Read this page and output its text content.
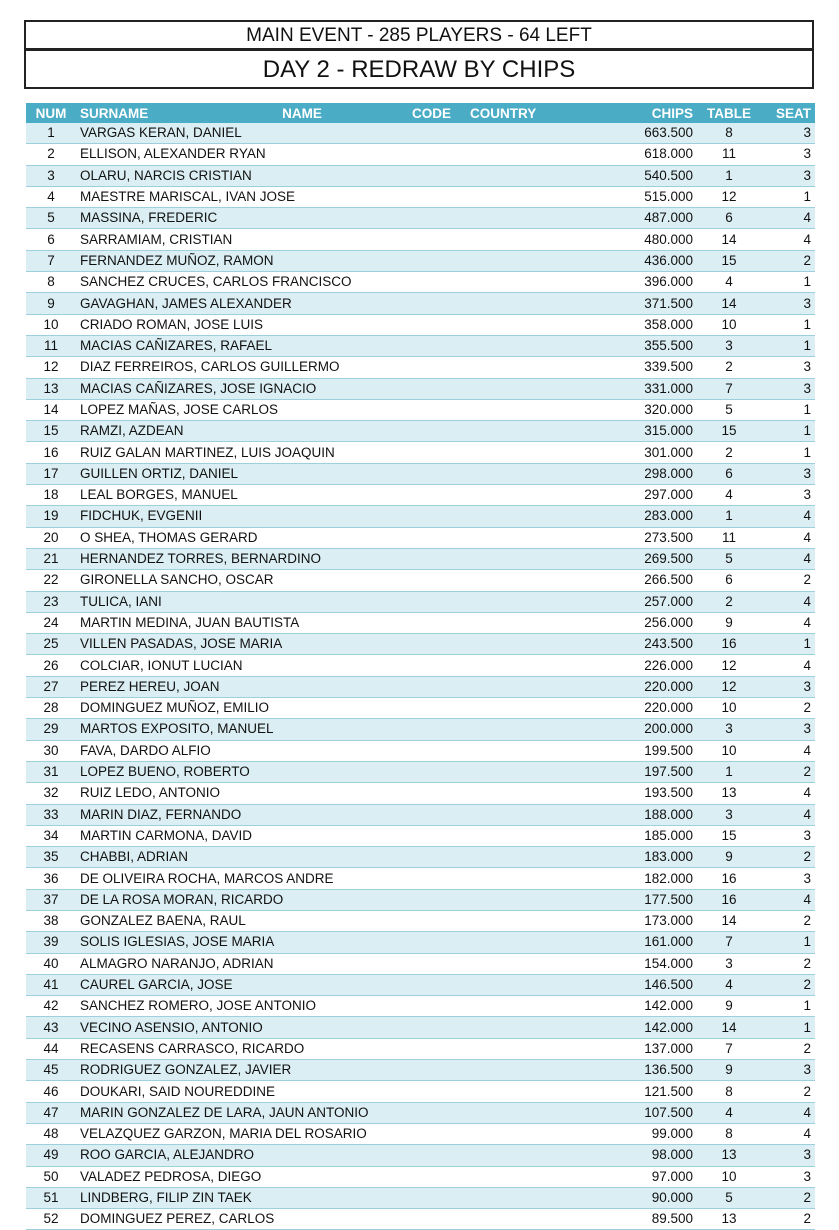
MAIN EVENT - 285 PLAYERS - 64 LEFT
DAY 2 - REDRAW BY CHIPS
NUM	SURNAME	NAME	CODE	COUNTRY	CHIPS	TABLE	SEAT
1	VARGAS KERAN, DANIEL				663.500	8	3
2	ELLISON, ALEXANDER RYAN				618.000	11	3
3	OLARU, NARCIS CRISTIAN				540.500	1	3
4	MAESTRE MARISCAL, IVAN JOSE				515.000	12	1
5	MASSINA, FREDERIC				487.000	6	4
6	SARRAMIAM, CRISTIAN				480.000	14	4
7	FERNANDEZ MUÑOZ, RAMON				436.000	15	2
8	SANCHEZ CRUCES, CARLOS FRANCISCO				396.000	4	1
9	GAVAGHAN, JAMES ALEXANDER				371.500	14	3
10	CRIADO ROMAN, JOSE LUIS				358.000	10	1
11	MACIAS CAÑIZARES, RAFAEL				355.500	3	1
12	DIAZ FERREIROS, CARLOS GUILLERMO				339.500	2	3
13	MACIAS CAÑIZARES, JOSE IGNACIO				331.000	7	3
14	LOPEZ MAÑAS, JOSE CARLOS				320.000	5	1
15	RAMZI, AZDEAN				315.000	15	1
16	RUIZ GALAN MARTINEZ, LUIS JOAQUIN				301.000	2	1
17	GUILLEN ORTIZ, DANIEL				298.000	6	3
18	LEAL BORGES, MANUEL				297.000	4	3
19	FIDCHUK, EVGENII				283.000	1	4
20	O SHEA, THOMAS GERARD				273.500	11	4
21	HERNANDEZ TORRES, BERNARDINO				269.500	5	4
22	GIRONELLA SANCHO, OSCAR				266.500	6	2
23	TULICA, IANI				257.000	2	4
24	MARTIN MEDINA, JUAN BAUTISTA				256.000	9	4
25	VILLEN PASADAS, JOSE MARIA				243.500	16	1
26	COLCIAR, IONUT LUCIAN				226.000	12	4
27	PEREZ HEREU, JOAN				220.000	12	3
28	DOMINGUEZ MUÑOZ, EMILIO				220.000	10	2
29	MARTOS EXPOSITO, MANUEL				200.000	3	3
30	FAVA, DARDO ALFIO				199.500	10	4
31	LOPEZ BUENO, ROBERTO				197.500	1	2
32	RUIZ LEDO, ANTONIO				193.500	13	4
33	MARIN DIAZ, FERNANDO				188.000	3	4
34	MARTIN CARMONA, DAVID				185.000	15	3
35	CHABBI, ADRIAN				183.000	9	2
36	DE OLIVEIRA ROCHA, MARCOS ANDRE				182.000	16	3
37	DE LA ROSA MORAN, RICARDO				177.500	16	4
38	GONZALEZ BAENA, RAUL				173.000	14	2
39	SOLIS IGLESIAS, JOSE MARIA				161.000	7	1
40	ALMAGRO NARANJO, ADRIAN				154.000	3	2
41	CAUREL GARCIA, JOSE				146.500	4	2
42	SANCHEZ ROMERO, JOSE ANTONIO				142.000	9	1
43	VECINO ASENSIO, ANTONIO				142.000	14	1
44	RECASENS CARRASCO, RICARDO				137.000	7	2
45	RODRIGUEZ GONZALEZ, JAVIER				136.500	9	3
46	DOUKARI, SAID NOUREDDINE				121.500	8	2
47	MARIN GONZALEZ DE LARA, JAUN ANTONIO				107.500	4	4
48	VELAZQUEZ GARZON, MARIA DEL ROSARIO				99.000	8	4
49	ROO GARCIA, ALEJANDRO				98.000	13	3
50	VALADEZ PEDROSA, DIEGO				97.000	10	3
51	LINDBERG, FILIP ZIN TAEK				90.000	5	2
52	DOMINGUEZ PEREZ, CARLOS				89.500	13	2
